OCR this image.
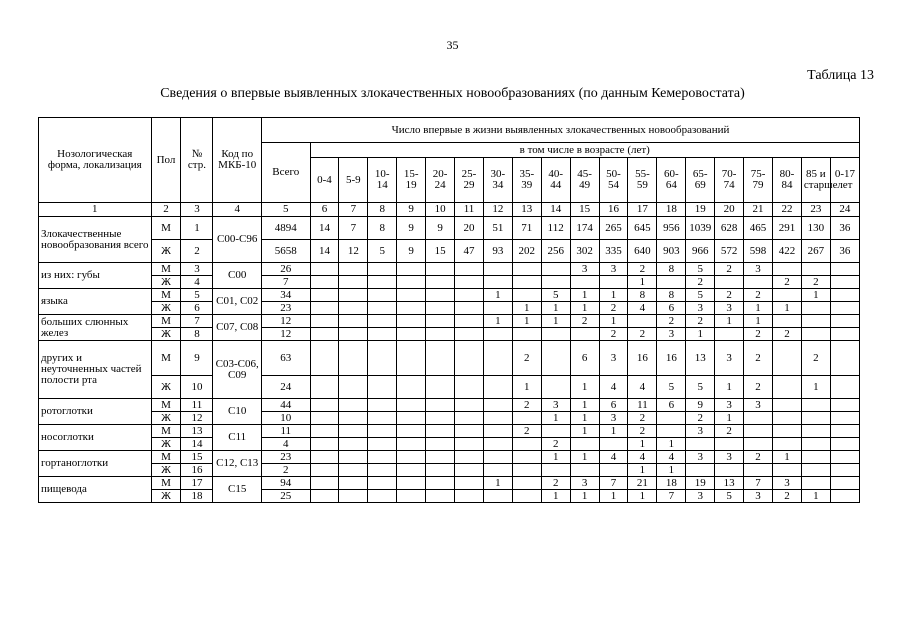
35
Таблица 13
Сведения о впервые выявленных злокачественных новообразованиях (по данным Кемеровостата)
Нозологическая форма, локализация	Пол	№ стр.	Код по МКБ-10	Число впервые в жизни выявленных злокачественных новообразований																			
				Всего	в том числе в возрасте (лет)																		
					0-4	5-9	10-14	15-19	20-24	25-29	30-34	35-39	40-44	45-49	50-54	55-59	60-64	65-69	70-74	75-79	80-84	85 и старше	0-17 лет
1	2	3	4	5	6	7	8	9	10	11	12	13	14	15	16	17	18	19	20	21	22	23	24
Злокачественные новообразования всего	М	1	С00-С96	4894	14	7	8	9	9	20	51	71	112	174	265	645	956	1039	628	465	291	130	36
	Ж	2		5658	14	12	5	9	15	47	93	202	256	302	335	640	903	966	572	598	422	267	36
из них: губы	М	3	С00	26										3	3	2	8	5	2	3			
	Ж	4		7												1		2			2	2	
языка	М	5	С01, С02	34							1		5	1	1	8	8	5	2	2		1	
	Ж	6		23								1	1	1	2	4	6	3	3	1	1		
больших слюнных желез	М	7	С07, С08	12							1	1	1	2	1		2	2	1	1			
	Ж	8		12											2	2	3	1		2	2		
других и неуточненных частей полости рта	М	9	С03-С06, С09	63								2		6	3	16	16	13	3	2		2	
	Ж	10		24								1		1	4	4	5	5	1	2		1	
ротоглотки	М	11	С10	44								2	3	1	6	11	6	9	3	3			
	Ж	12		10									1	1	3	2		2	1				
носоглотки	М	13	С11	11								2		1	1	2		3	2				
	Ж	14		4									2			1	1						
гортаноглотки	М	15	С12, С13	23									1	1	4	4	4	3	3	2	1		
	Ж	16		2												1	1						
пищевода	М	17	С15	94							1		2	3	7	21	18	19	13	7	3		
	Ж	18		25									1	1	1	1	7	3	5	3	2	1	
